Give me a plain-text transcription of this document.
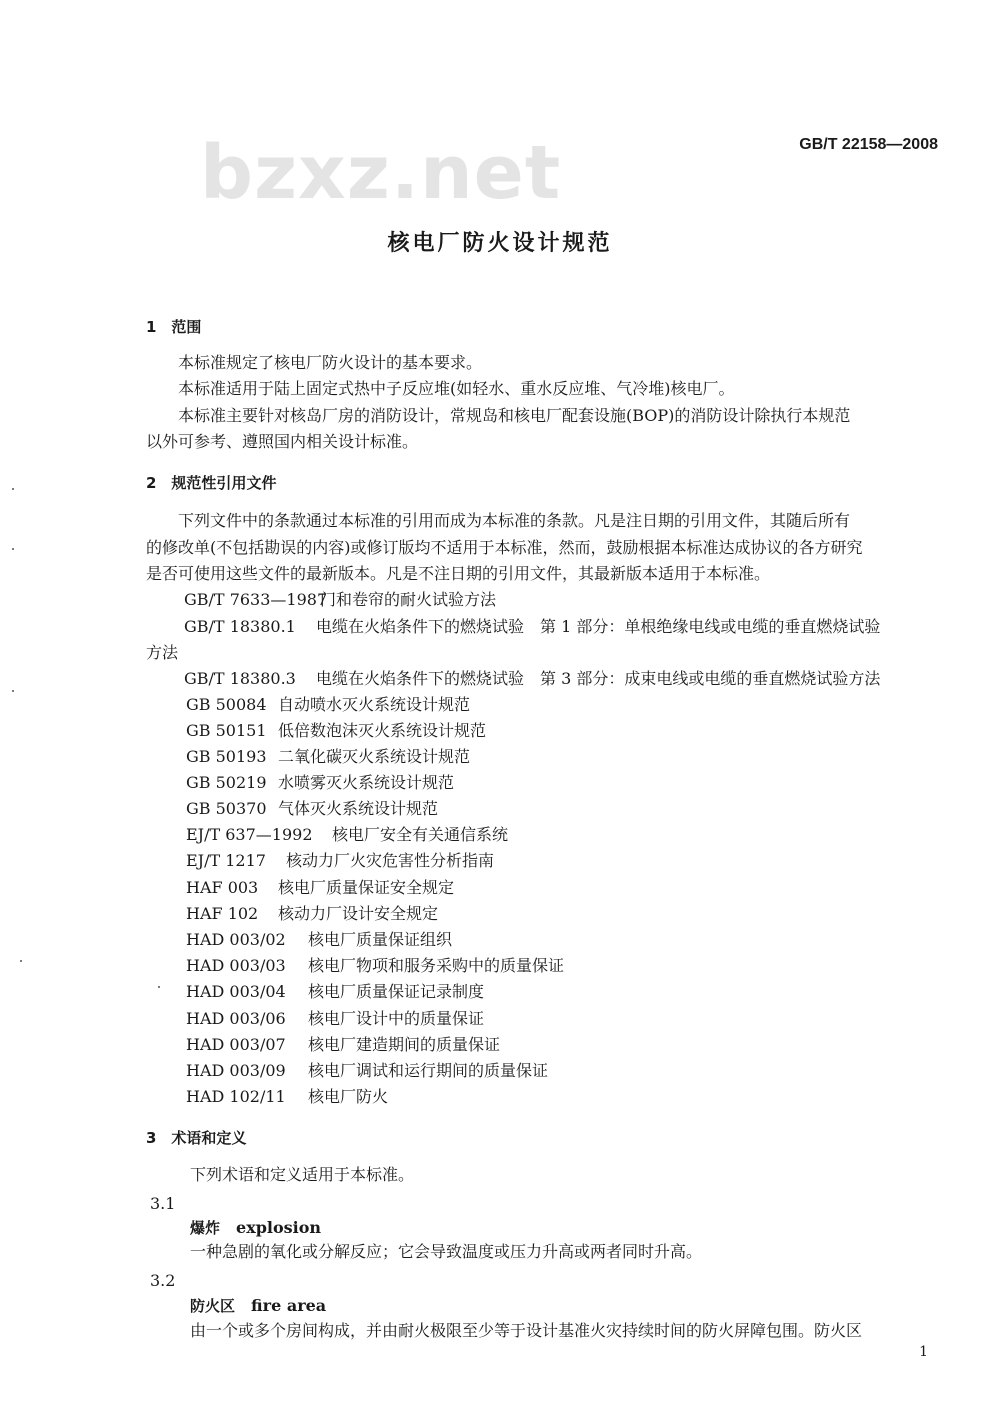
bzxz.net	GB/T 22158—2008
核电厂防火设计规范
1　范围
本标准规定了核电厂防火设计的基本要求。
本标准适用于陆上固定式热中子反应堆(如轻水、重水反应堆、气冷堆)核电厂。
本标准主要针对核岛厂房的消防设计，常规岛和核电厂配套设施(BOP)的消防设计除执行本规范
以外可参考、遵照国内相关设计标准。
2　规范性引用文件
下列文件中的条款通过本标准的引用而成为本标准的条款。凡是注日期的引用文件，其随后所有
的修改单(不包括勘误的内容)或修订版均不适用于本标准，然而，鼓励根据本标准达成协议的各方研究
是否可使用这些文件的最新版本。凡是不注日期的引用文件，其最新版本适用于本标准。
GB/T 7633—1987门和卷帘的耐火试验方法
GB/T 18380.1 电缆在火焰条件下的燃烧试验　第 1 部分：单根绝缘电线或电缆的垂直燃烧试验
方法
GB/T 18380.3 电缆在火焰条件下的燃烧试验　第 3 部分：成束电线或电缆的垂直燃烧试验方法
GB 50084 自动喷水灭火系统设计规范
GB 50151 低倍数泡沫灭火系统设计规范
GB 50193 二氧化碳灭火系统设计规范
GB 50219 水喷雾灭火系统设计规范
GB 50370 气体灭火系统设计规范
EJ/T 637—1992 核电厂安全有关通信系统
EJ/T 1217 核动力厂火灾危害性分析指南
HAF 003 核电厂质量保证安全规定
HAF 102 核动力厂设计安全规定
HAD 003/02 核电厂质量保证组织
HAD 003/03 核电厂物项和服务采购中的质量保证
HAD 003/04 核电厂质量保证记录制度
HAD 003/06 核电厂设计中的质量保证
HAD 003/07 核电厂建造期间的质量保证
HAD 003/09 核电厂调试和运行期间的质量保证
HAD 102/11 核电厂防火
3　术语和定义
下列术语和定义适用于本标准。
3.1
爆炸 explosion
一种急剧的氧化或分解反应；它会导致温度或压力升高或两者同时升高。
3.2
防火区 fire area
由一个或多个房间构成，并由耐火极限至少等于设计基准火灾持续时间的防火屏障包围。防火区
1
